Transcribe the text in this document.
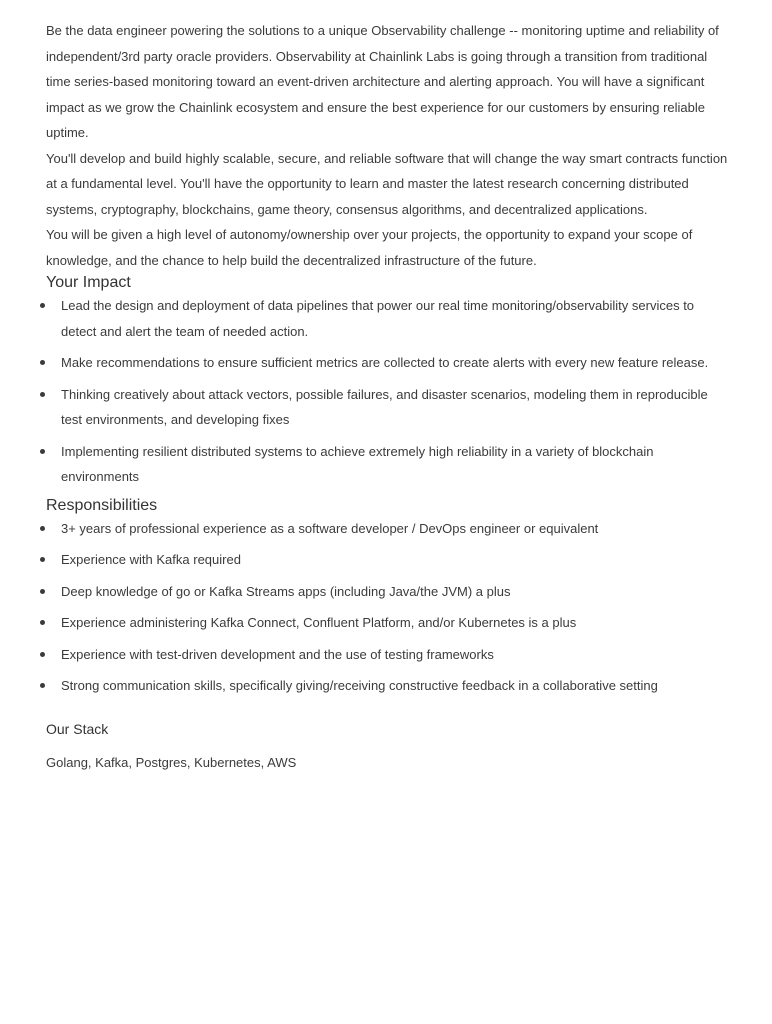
Be the data engineer powering the solutions to a unique Observability challenge -- monitoring uptime and reliability of independent/3rd party oracle providers. Observability at Chainlink Labs is going through a transition from traditional time series-based monitoring toward an event-driven architecture and alerting approach. You will have a significant impact as we grow the Chainlink ecosystem and ensure the best experience for our customers by ensuring reliable uptime.

You'll develop and build highly scalable, secure, and reliable software that will change the way smart contracts function at a fundamental level. You'll have the opportunity to learn and master the latest research concerning distributed systems, cryptography, blockchains, game theory, consensus algorithms, and decentralized applications.

You will be given a high level of autonomy/ownership over your projects, the opportunity to expand your scope of knowledge, and the chance to help build the decentralized infrastructure of the future.

Your Impact
Lead the design and deployment of data pipelines that power our real time monitoring/observability services to detect and alert the team of needed action.
Make recommendations to ensure sufficient metrics are collected to create alerts with every new feature release.
Thinking creatively about attack vectors, possible failures, and disaster scenarios, modeling them in reproducible test environments, and developing fixes
Implementing resilient distributed systems to achieve extremely high reliability in a variety of blockchain environments
Responsibilities
3+ years of professional experience as a software developer / DevOps engineer or equivalent
Experience with Kafka required
Deep knowledge of go or Kafka Streams apps (including Java/the JVM) a plus
Experience administering Kafka Connect, Confluent Platform, and/or Kubernetes is a plus
Experience with test-driven development and the use of testing frameworks
Strong communication skills, specifically giving/receiving constructive feedback in a collaborative setting
Our Stack

Golang, Kafka, Postgres, Kubernetes, AWS
